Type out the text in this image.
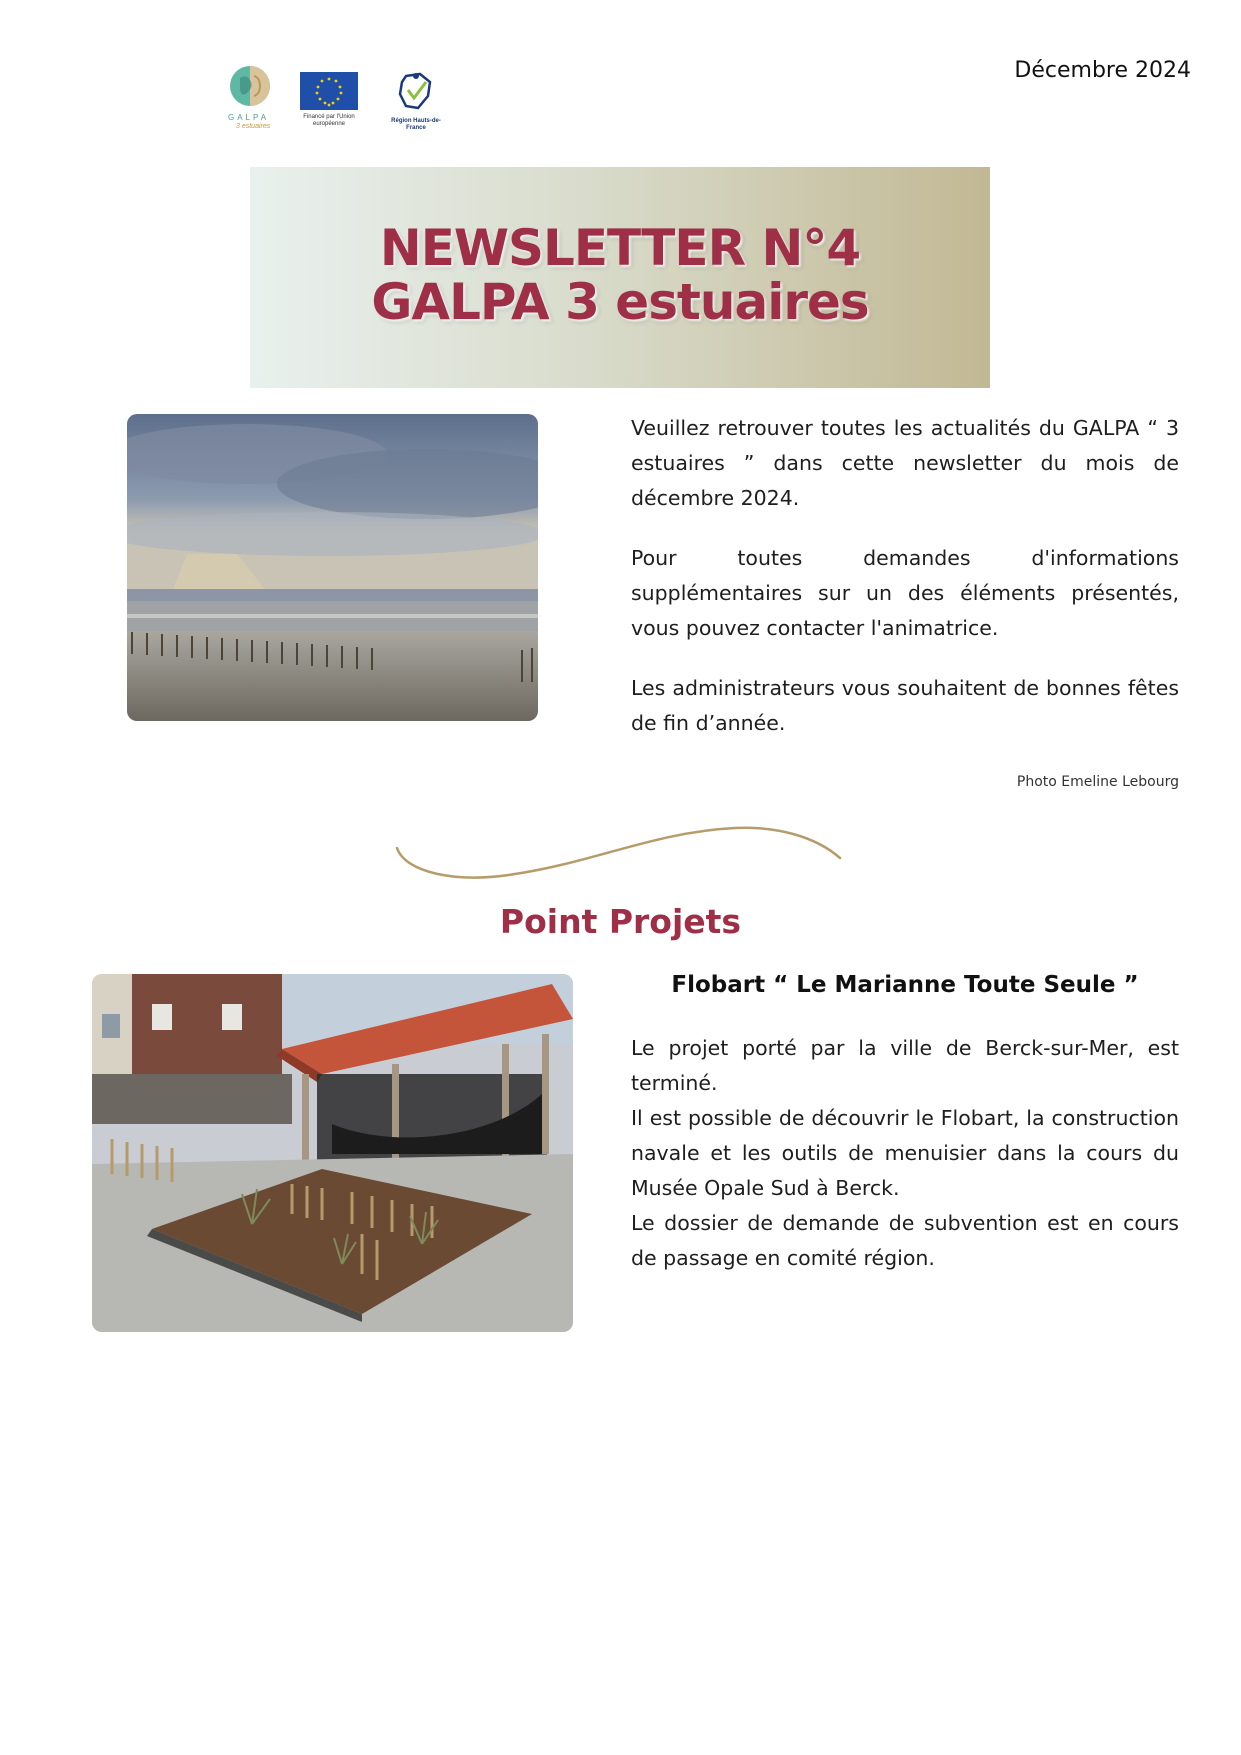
GALPA
3 estuaires
Financé par l'Union européenne	Région Hauts-de-France
Décembre 2024
NEWSLETTER N°4
GALPA 3 estuaires
Veuillez retrouver toutes les actualités du GALPA “ 3 estuaires ” dans cette newsletter du mois de décembre 2024.
Pour toutes demandes d'informations supplémentaires sur un des éléments présentés, vous pouvez contacter l'animatrice.
Les administrateurs vous souhaitent de bonnes fêtes de fin d’année.
Photo Emeline Lebourg
Point Projets
Flobart “ Le Marianne Toute Seule ”

Le projet porté par la ville de Berck-sur-Mer, est terminé.

Il est possible de découvrir le Flobart, la construction navale et les outils de menuisier dans la cours du Musée Opale Sud à Berck.

Le dossier de demande de subvention est en cours de passage en comité région.
